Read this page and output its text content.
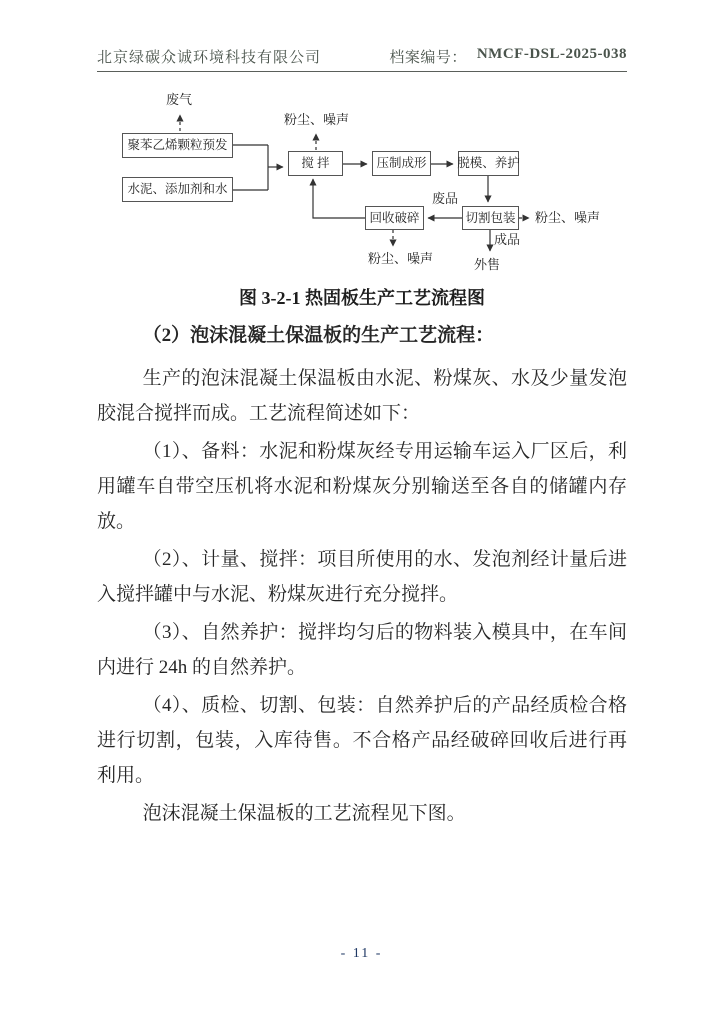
北京绿碳众诚环境科技有限公司	档案编号： NMCF-DSL-2025-038
聚苯乙烯颗粒预发
水泥、添加剂和水
搅 拌	压制成形	脱模、养护
切割包装
回收破碎
废气
粉尘、噪声
废品
粉尘、噪声
粉尘、噪声
成品
外售

图 3-2-1 热固板生产工艺流程图

（2）泡沫混凝土保温板的生产工艺流程：

生产的泡沫混凝土保温板由水泥、粉煤灰、水及少量发泡胶混合搅拌而成。工艺流程简述如下：

（1）、备料：水泥和粉煤灰经专用运输车运入厂区后，利用罐车自带空压机将水泥和粉煤灰分别输送至各自的储罐内存放。

（2）、计量、搅拌：项目所使用的水、发泡剂经计量后进入搅拌罐中与水泥、粉煤灰进行充分搅拌。

（3）、自然养护：搅拌均匀后的物料装入模具中，在车间内进行 24h 的自然养护。

（4）、质检、切割、包装：自然养护后的产品经质检合格进行切割，包装，入库待售。不合格产品经破碎回收后进行再利用。

泡沫混凝土保温板的工艺流程见下图。

- 11 -
